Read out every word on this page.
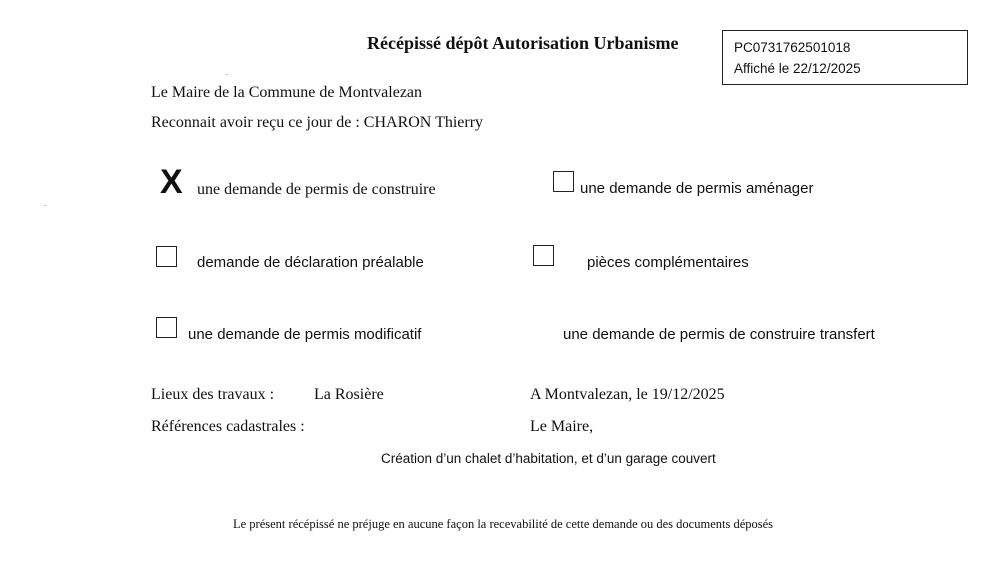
Récépissé dépôt Autorisation Urbanisme	PC0731762501018
Affiché le 22/12/2025
Le Maire de la Commune de Montvalezan
Reconnait avoir reçu ce jour de : CHARON Thierry
X une demande de permis de construire	une demande de permis aménager
demande de déclaration préalable	pièces complémentaires
une demande de permis modificatif	une demande de permis de construire transfert
Lieux des travaux : La Rosière	A Montvalezan, le 19/12/2025
Références cadastrales :	Le Maire,
Création d’un chalet d’habitation, et d’un garage couvert
Le présent récépissé ne préjuge en aucune façon la recevabilité de cette demande ou des documents déposés
